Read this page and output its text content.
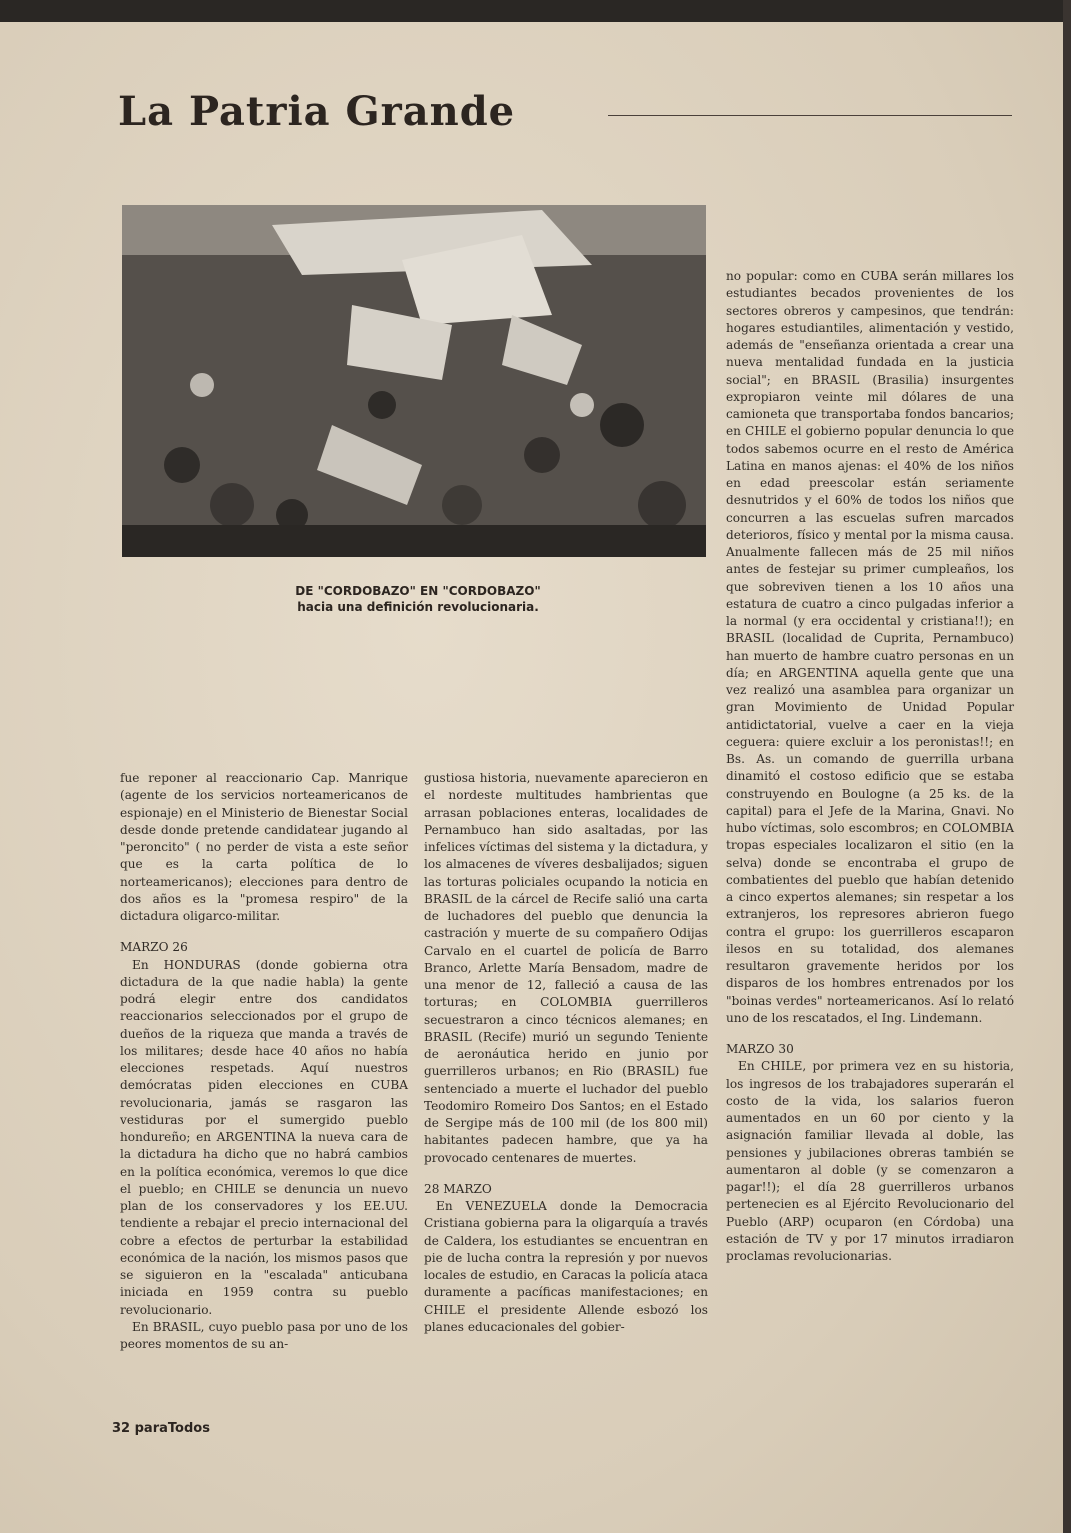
La Patria Grande
DE "CORDOBAZO" EN "CORDOBAZO"
hacia una definición revolucionaria.

fue reponer al reaccionario Cap. Manrique (agente de los servicios norteamericanos de espionaje) en el Ministerio de Bienestar Social desde donde pretende candidatear jugando al "peroncito" ( no perder de vista a este señor que es la carta política de lo norteamericanos); elecciones para dentro de dos años es la "promesa respiro" de la dictadura oligarco-militar.

MARZO 26

En HONDURAS (donde gobierna otra dictadura de la que nadie habla) la gente podrá elegir entre dos candidatos reaccionarios seleccionados por el grupo de dueños de la riqueza que manda a través de los militares; desde hace 40 años no había elecciones respetads. Aquí nuestros demócratas piden elecciones en CUBA revolucionaria, jamás se rasgaron las vestiduras por el sumergido pueblo hondureño; en ARGENTINA la nueva cara de la dictadura ha dicho que no habrá cambios en la política económica, veremos lo que dice el pueblo; en CHILE se denuncia un nuevo plan de los conservadores y los EE.UU. tendiente a rebajar el precio internacional del cobre a efectos de perturbar la estabilidad económica de la nación, los mismos pasos que se siguieron en la "escalada" anticubana iniciada en 1959 contra su pueblo revolucionario.

En BRASIL, cuyo pueblo pasa por uno de los peores momentos de su an-

gustiosa historia, nuevamente aparecieron en el nordeste multitudes hambrientas que arrasan poblaciones enteras, localidades de Pernambuco han sido asaltadas, por las infelices víctimas del sistema y la dictadura, y los almacenes de víveres desbalijados; siguen las torturas policiales ocupando la noticia en BRASIL de la cárcel de Recife salió una carta de luchadores del pueblo que denuncia la castración y muerte de su compañero Odijas Carvalo en el cuartel de policía de Barro Branco, Arlette María Bensadom, madre de una menor de 12, falleció a causa de las torturas; en COLOMBIA guerrilleros secuestraron a cinco técnicos alemanes; en BRASIL (Recife) murió un segundo Teniente de aeronáutica herido en junio por guerrilleros urbanos; en Rio (BRASIL) fue sentenciado a muerte el luchador del pueblo Teodomiro Romeiro Dos Santos; en el Estado de Sergipe más de 100 mil (de los 800 mil) habitantes padecen hambre, que ya ha provocado centenares de muertes.

28 MARZO

En VENEZUELA donde la Democracia Cristiana gobierna para la oligarquía a través de Caldera, los estudiantes se encuentran en pie de lucha contra la represión y por nuevos locales de estudio, en Caracas la policía ataca duramente a pacíficas manifestaciones; en CHILE el presidente Allende esbozó los planes educacionales del gobier-

no popular: como en CUBA serán millares los estudiantes becados provenientes de los sectores obreros y campesinos, que tendrán: hogares estudiantiles, alimentación y vestido, además de "enseñanza orientada a crear una nueva mentalidad fundada en la justicia social"; en BRASIL (Brasilia) insurgentes expropiaron veinte mil dólares de una camioneta que transportaba fondos bancarios; en CHILE el gobierno popular denuncia lo que todos sabemos ocurre en el resto de América Latina en manos ajenas: el 40% de los niños en edad preescolar están seriamente desnutridos y el 60% de todos los niños que concurren a las escuelas sufren marcados deterioros, físico y mental por la misma causa. Anualmente fallecen más de 25 mil niños antes de festejar su primer cumpleaños, los que sobreviven tienen a los 10 años una estatura de cuatro a cinco pulgadas inferior a la normal (y era occidental y cristiana!!); en BRASIL (localidad de Cuprita, Pernambuco) han muerto de hambre cuatro personas en un día; en ARGENTINA aquella gente que una vez realizó una asamblea para organizar un gran Movimiento de Unidad Popular antidictatorial, vuelve a caer en la vieja ceguera: quiere excluir a los peronistas!!; en Bs. As. un comando de guerrilla urbana dinamitó el costoso edificio que se estaba construyendo en Boulogne (a 25 ks. de la capital) para el Jefe de la Marina, Gnavi. No hubo víctimas, solo escombros; en COLOMBIA tropas especiales localizaron el sitio (en la selva) donde se encontraba el grupo de combatientes del pueblo que habían detenido a cinco expertos alemanes; sin respetar a los extranjeros, los represores abrieron fuego contra el grupo: los guerrilleros escaparon ilesos en su totalidad, dos alemanes resultaron gravemente heridos por los disparos de los hombres entrenados por los "boinas verdes" norteamericanos. Así lo relató uno de los rescatados, el Ing. Lindemann.

MARZO 30

En CHILE, por primera vez en su historia, los ingresos de los trabajadores superarán el costo de la vida, los salarios fueron aumentados en un 60 por ciento y la asignación familiar llevada al doble, las pensiones y jubilaciones obreras también se aumentaron al doble (y se comenzaron a pagar!!); el día 28 guerrilleros urbanos pertenecien es al Ejército Revolucionario del Pueblo (ARP) ocuparon (en Córdoba) una estación de TV y por 17 minutos irradiaron proclamas revolucionarias.

32 paraTodos
